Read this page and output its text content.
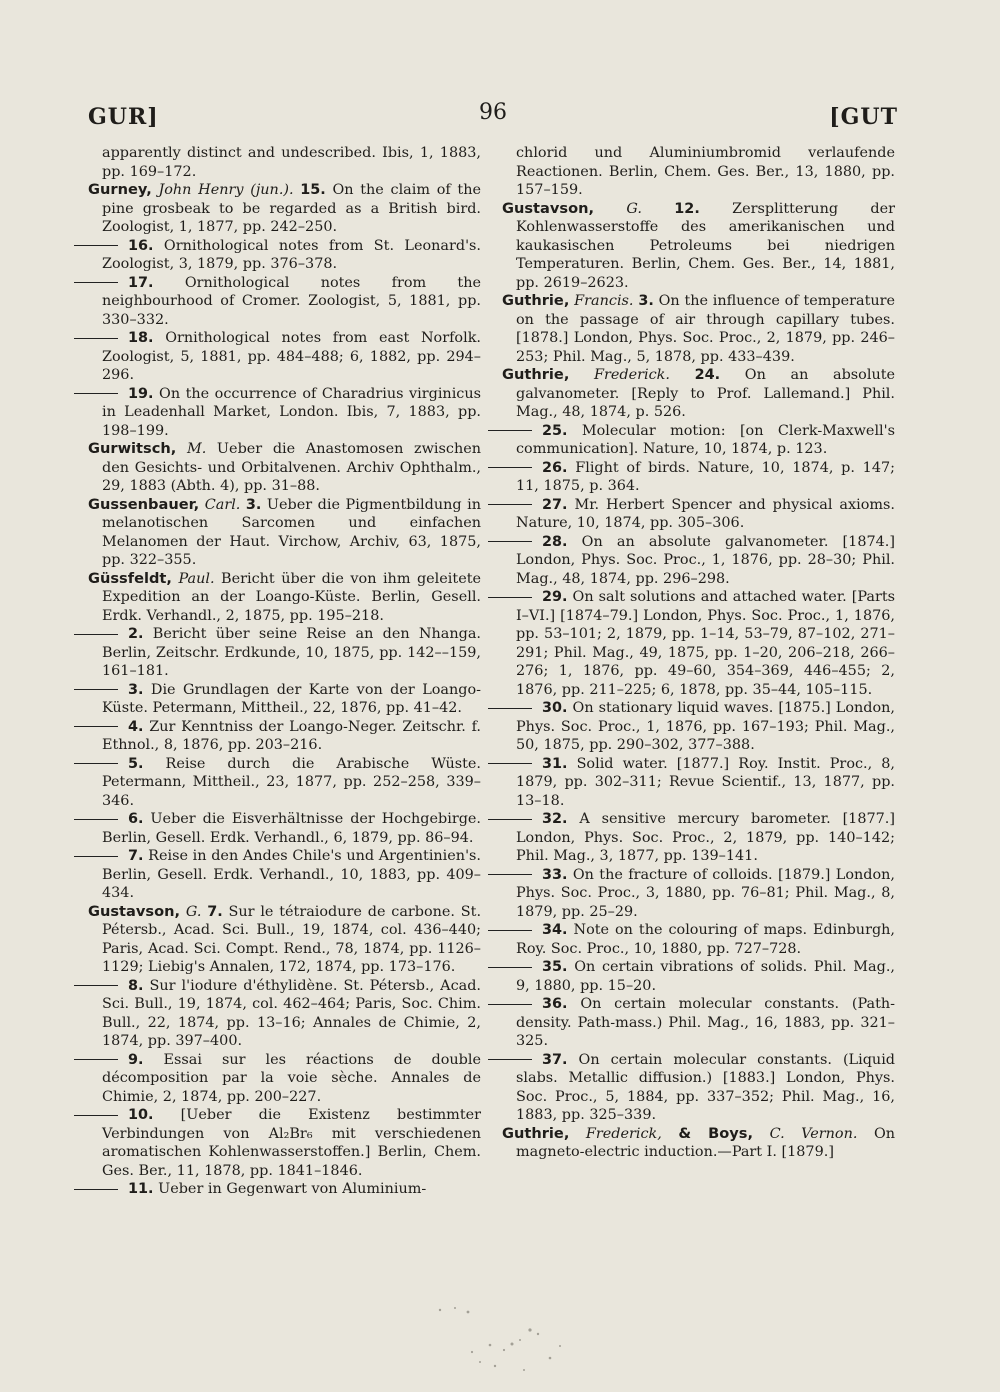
GUR]	96	[GUT

apparently distinct and undescribed. Ibis, 1, 1883, pp. 169–172.

Gurney, John Henry (jun.). 15. On the claim of the pine grosbeak to be regarded as a British bird. Zoologist, 1, 1877, pp. 242–250.

16. Ornithological notes from St. Leonard's. Zoologist, 3, 1879, pp. 376–378.

17. Ornithological notes from the neighbourhood of Cromer. Zoologist, 5, 1881, pp. 330–332.

18. Ornithological notes from east Norfolk. Zoologist, 5, 1881, pp. 484–488; 6, 1882, pp. 294–296.

19. On the occurrence of Charadrius virginicus in Leadenhall Market, London. Ibis, 7, 1883, pp. 198–199.

Gurwitsch, M. Ueber die Anastomosen zwischen den Gesichts- und Orbitalvenen. Archiv Ophthalm., 29, 1883 (Abth. 4), pp. 31–88.

Gussenbauer, Carl. 3. Ueber die Pigmentbildung in melanotischen Sarcomen und einfachen Melanomen der Haut. Virchow, Archiv, 63, 1875, pp. 322–355.

Güssfeldt, Paul. Bericht über die von ihm geleitete Expedition an der Loango-Küste. Berlin, Gesell. Erdk. Verhandl., 2, 1875, pp. 195–218.

2. Bericht über seine Reise an den Nhanga. Berlin, Zeitschr. Erdkunde, 10, 1875, pp. 142––159, 161–181.

3. Die Grundlagen der Karte von der Loango-Küste. Petermann, Mittheil., 22, 1876, pp. 41–42.

4. Zur Kenntniss der Loango-Neger. Zeitschr. f. Ethnol., 8, 1876, pp. 203–216.

5. Reise durch die Arabische Wüste. Petermann, Mittheil., 23, 1877, pp. 252–258, 339–346.

6. Ueber die Eisverhältnisse der Hochgebirge. Berlin, Gesell. Erdk. Verhandl., 6, 1879, pp. 86–94.

7. Reise in den Andes Chile's und Argentinien's. Berlin, Gesell. Erdk. Verhandl., 10, 1883, pp. 409–434.

Gustavson, G. 7. Sur le tétraiodure de carbone. St. Pétersb., Acad. Sci. Bull., 19, 1874, col. 436–440; Paris, Acad. Sci. Compt. Rend., 78, 1874, pp. 1126–1129; Liebig's Annalen, 172, 1874, pp. 173–176.

8. Sur l'iodure d'éthylidène. St. Pétersb., Acad. Sci. Bull., 19, 1874, col. 462–464; Paris, Soc. Chim. Bull., 22, 1874, pp. 13–16; Annales de Chimie, 2, 1874, pp. 397–400.

9. Essai sur les réactions de double décomposition par la voie sèche. Annales de Chimie, 2, 1874, pp. 200–227.

10. [Ueber die Existenz bestimmter Verbindungen von Al₂Br₆ mit verschiedenen aromatischen Kohlenwasserstoffen.] Berlin, Chem. Ges. Ber., 11, 1878, pp. 1841–1846.

11. Ueber in Gegenwart von Aluminium-

chlorid und Aluminiumbromid verlaufende Reactionen. Berlin, Chem. Ges. Ber., 13, 1880, pp. 157–159.

Gustavson, G. 12. Zersplitterung der Kohlenwasserstoffe des amerikanischen und kaukasischen Petroleums bei niedrigen Temperaturen. Berlin, Chem. Ges. Ber., 14, 1881, pp. 2619–2623.

Guthrie, Francis. 3. On the influence of temperature on the passage of air through capillary tubes. [1878.] London, Phys. Soc. Proc., 2, 1879, pp. 246–253; Phil. Mag., 5, 1878, pp. 433–439.

Guthrie, Frederick. 24. On an absolute galvanometer. [Reply to Prof. Lallemand.] Phil. Mag., 48, 1874, p. 526.

25. Molecular motion: [on Clerk-Maxwell's communication]. Nature, 10, 1874, p. 123.

26. Flight of birds. Nature, 10, 1874, p. 147; 11, 1875, p. 364.

27. Mr. Herbert Spencer and physical axioms. Nature, 10, 1874, pp. 305–306.

28. On an absolute galvanometer. [1874.] London, Phys. Soc. Proc., 1, 1876, pp. 28–30; Phil. Mag., 48, 1874, pp. 296–298.

29. On salt solutions and attached water. [Parts I–VI.] [1874–79.] London, Phys. Soc. Proc., 1, 1876, pp. 53–101; 2, 1879, pp. 1–14, 53–79, 87–102, 271–291; Phil. Mag., 49, 1875, pp. 1–20, 206–218, 266–276; 1, 1876, pp. 49–60, 354–369, 446–455; 2, 1876, pp. 211–225; 6, 1878, pp. 35–44, 105–115.

30. On stationary liquid waves. [1875.] London, Phys. Soc. Proc., 1, 1876, pp. 167–193; Phil. Mag., 50, 1875, pp. 290–302, 377–388.

31. Solid water. [1877.] Roy. Instit. Proc., 8, 1879, pp. 302–311; Revue Scientif., 13, 1877, pp. 13–18.

32. A sensitive mercury barometer. [1877.] London, Phys. Soc. Proc., 2, 1879, pp. 140–142; Phil. Mag., 3, 1877, pp. 139–141.

33. On the fracture of colloids. [1879.] London, Phys. Soc. Proc., 3, 1880, pp. 76–81; Phil. Mag., 8, 1879, pp. 25–29.

34. Note on the colouring of maps. Edinburgh, Roy. Soc. Proc., 10, 1880, pp. 727–728.

35. On certain vibrations of solids. Phil. Mag., 9, 1880, pp. 15–20.

36. On certain molecular constants. (Path-density. Path-mass.) Phil. Mag., 16, 1883, pp. 321–325.

37. On certain molecular constants. (Liquid slabs. Metallic diffusion.) [1883.] London, Phys. Soc. Proc., 5, 1884, pp. 337–352; Phil. Mag., 16, 1883, pp. 325–339.

Guthrie, Frederick, & Boys, C. Vernon. On magneto-electric induction.—Part I. [1879.]
